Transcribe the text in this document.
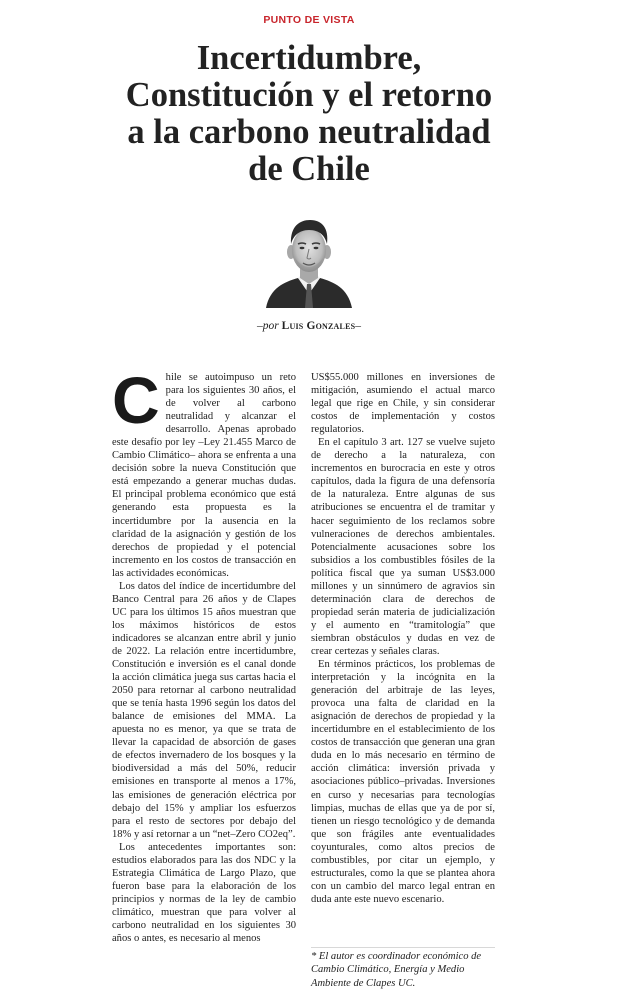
PUNTO DE VISTA
Incertidumbre,
Constitución y el retorno
a la carbono neutralidad
de Chile
–por Luis Gonzales–

Chile se autoimpuso un reto para los siguientes 30 años, el de volver al carbono neutralidad y alcanzar el desarrollo. Apenas aprobado este desafío por ley –Ley 21.455 Marco de Cambio Climático– ahora se enfrenta a una decisión sobre la nueva Constitución que está empezando a generar muchas dudas. El principal problema económico que está generando esta propuesta es la incertidumbre por la ausencia en la claridad de la asignación y gestión de los derechos de propiedad y el potencial incremento en los costos de transacción en las actividades económicas.

Los datos del índice de incertidumbre del Banco Central para 26 años y de Clapes UC para los últimos 15 años muestran que los máximos históricos de estos indicadores se alcanzan entre abril y junio de 2022. La relación entre incertidumbre, Constitución e inversión es el canal donde la acción climática juega sus cartas hacia el 2050 para retornar al carbono neutralidad que se tenía hasta 1996 según los datos del balance de emisiones del MMA. La apuesta no es menor, ya que se trata de llevar la capacidad de absorción de gases de efectos invernadero de los bosques y la biodiversidad a más del 50%, reducir emisiones en transporte al menos a 17%, las emisiones de generación eléctrica por debajo del 15% y ampliar los esfuerzos para el resto de sectores por debajo del 18% y así retornar a un “net–Zero CO2eq”.

Los antecedentes importantes son: estudios elaborados para las dos NDC y la Estrategia Climática de Largo Plazo, que fueron base para la elaboración de los principios y normas de la ley de cambio climático, muestran que para volver al carbono neutralidad en los siguientes 30 años o antes, es necesario al menos

US$55.000 millones en inversiones de mitigación, asumiendo el actual marco legal que rige en Chile, y sin considerar costos de implementación y costos regulatorios.

En el capítulo 3 art. 127 se vuelve sujeto de derecho a la naturaleza, con incrementos en burocracia en este y otros capítulos, dada la figura de una defensoría de la naturaleza. Entre algunas de sus atribuciones se encuentra el de tramitar y hacer seguimiento de los reclamos sobre vulneraciones de derechos ambientales. Potencialmente acusaciones sobre los subsidios a los combustibles fósiles de la política fiscal que ya suman US$3.000 millones y un sinnúmero de agravios sin determinación clara de derechos de propiedad serán materia de judicialización y el aumento en “tramitología” que siembran obstáculos y dudas en vez de crear certezas y señales claras.

En términos prácticos, los problemas de interpretación y la incógnita en la generación del arbitraje de las leyes, provoca una falta de claridad en la asignación de derechos de propiedad y la incertidumbre en el establecimiento de los costos de transacción que generan una gran duda en lo más necesario en término de acción climática: inversión privada y asociaciones público–privadas. Inversiones en curso y necesarias para tecnologías limpias, muchas de ellas que ya de por sí, tienen un riesgo tecnológico y de demanda que son frágiles ante eventualidades coyunturales, como altos precios de combustibles, por citar un ejemplo, y estructurales, como la que se plantea ahora con un cambio del marco legal entran en duda ante este nuevo escenario.

* El autor es coordinador económico de Cambio Climático, Energía y Medio Ambiente de Clapes UC.
